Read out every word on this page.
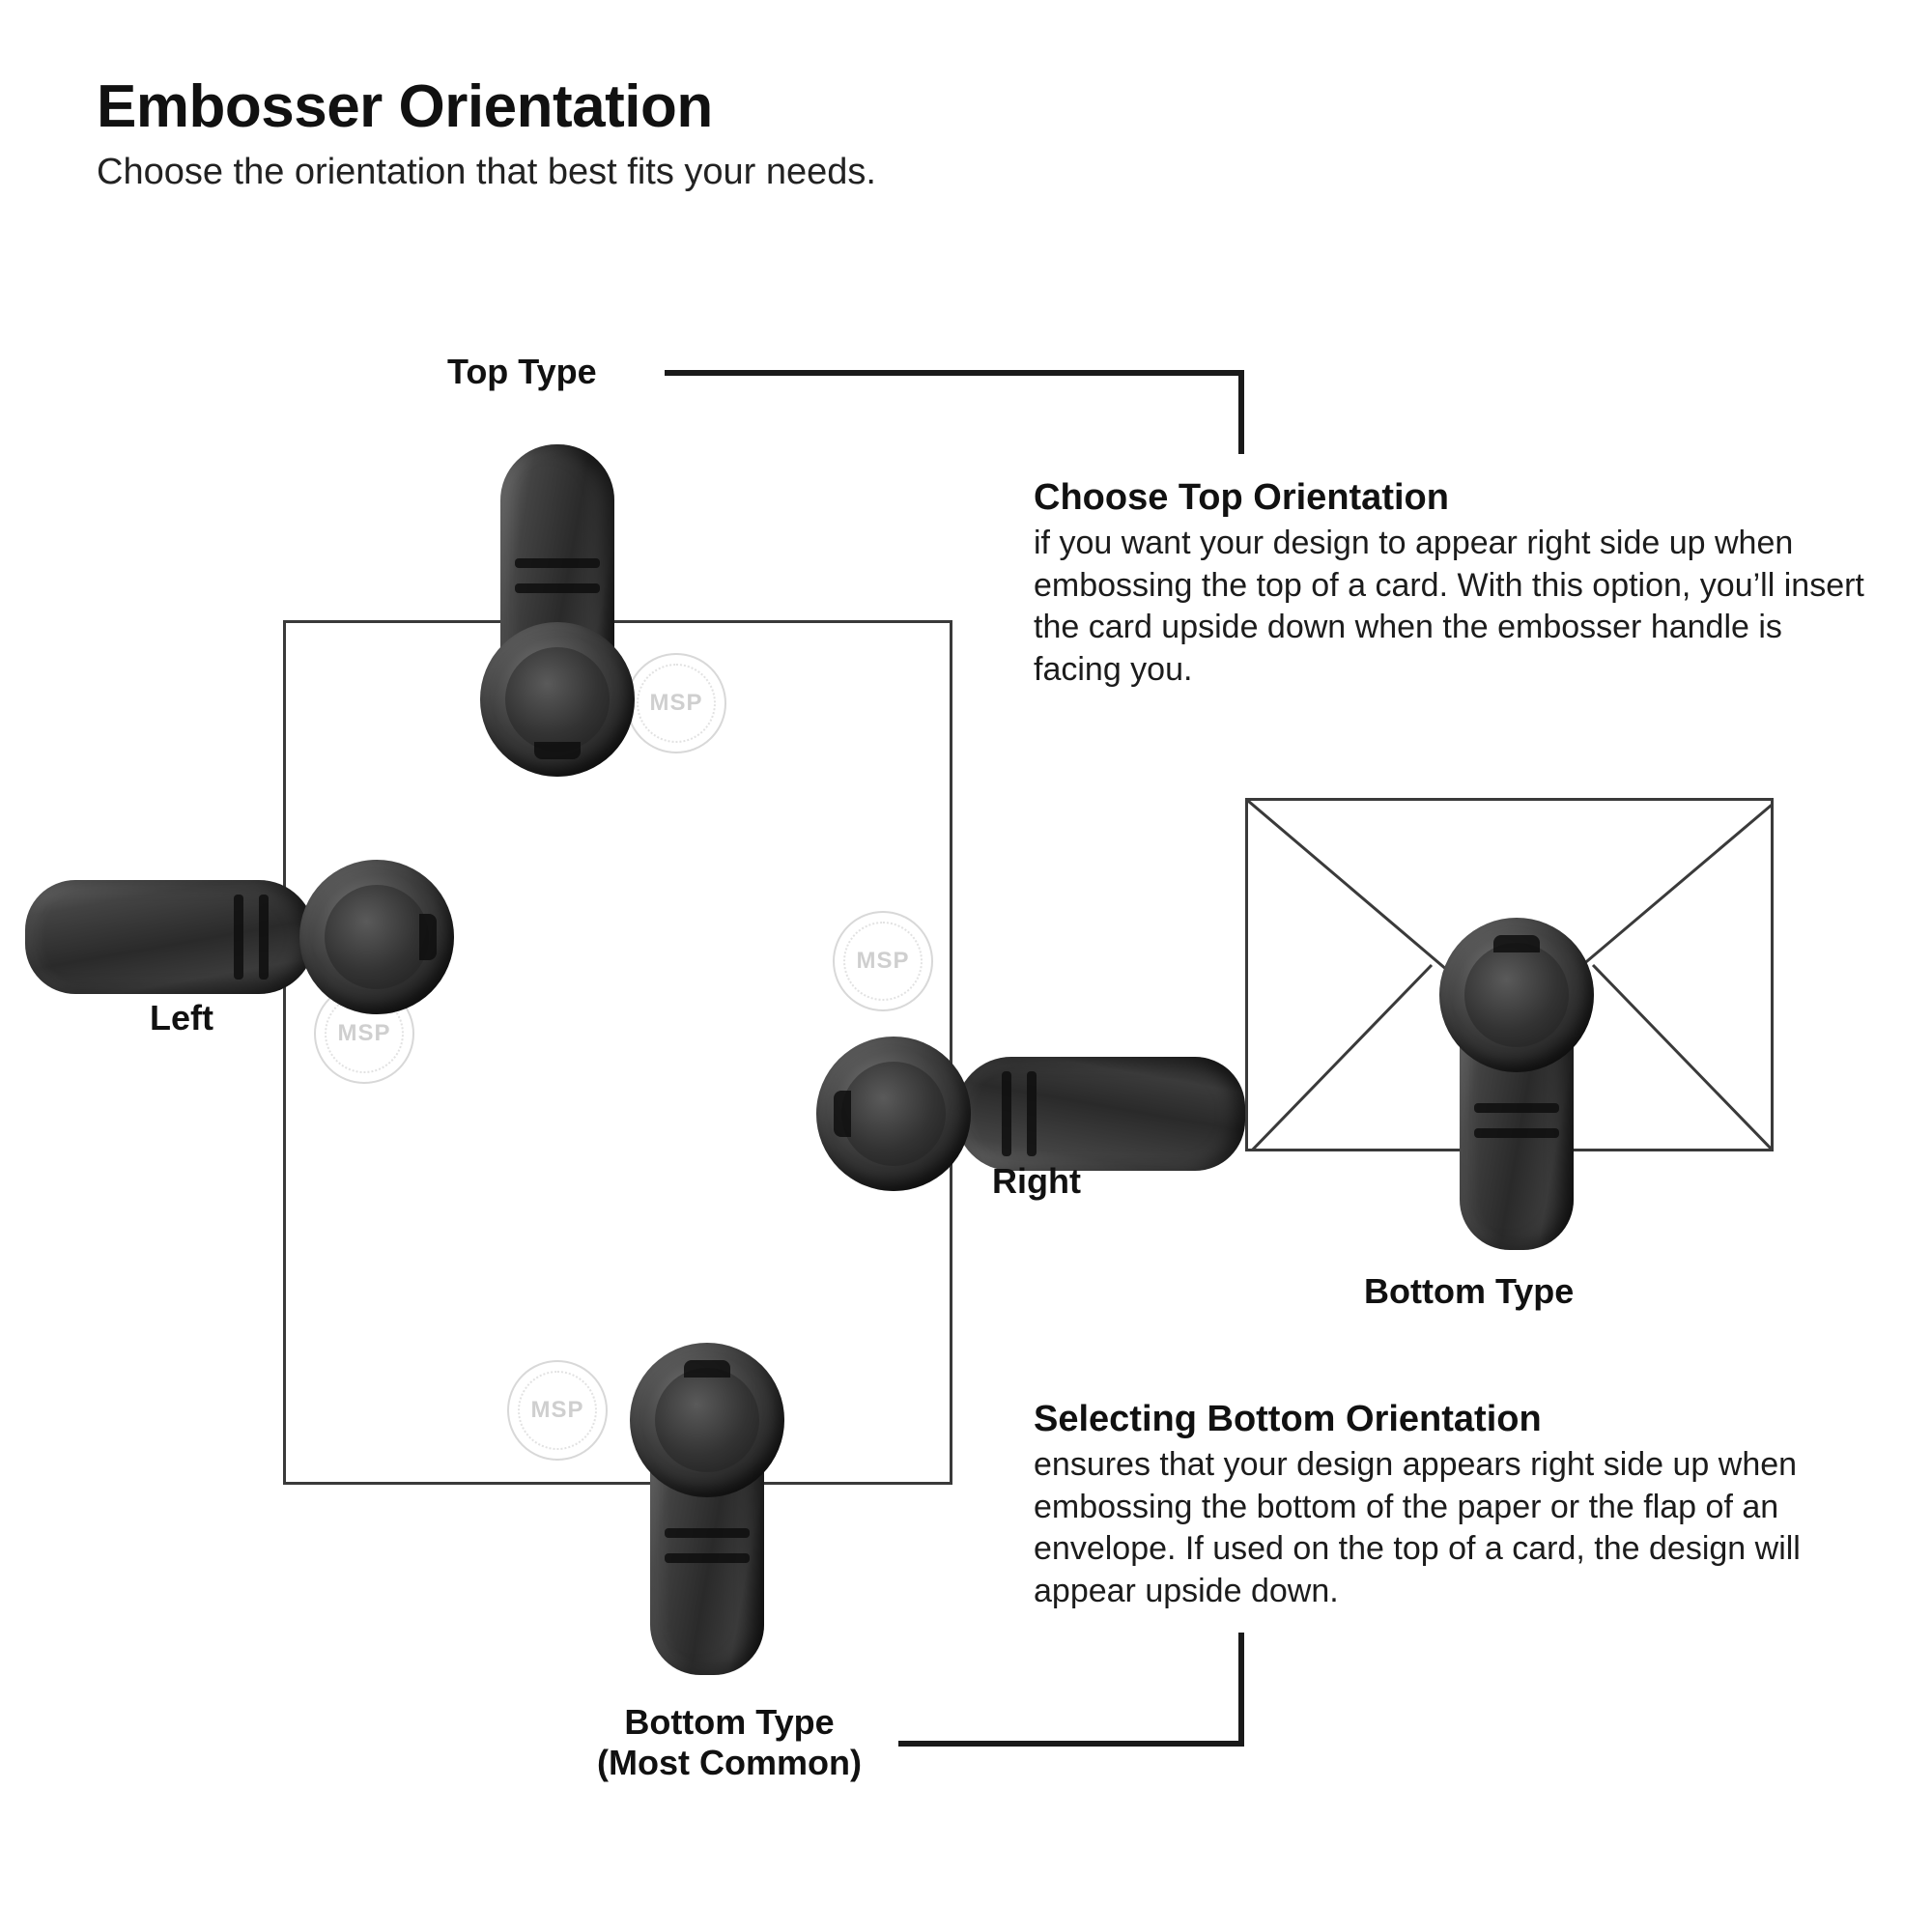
Embosser Orientation

Choose the orientation that best fits your needs.

MSP
MSP
MSP
MSP
Top Type
Left
Right
Bottom Type
Bottom Type
(Most Common)

Choose Top Orientation

if you want your design to appear right side up when embossing the top of a card. With this option, you’ll insert the card upside down when the embosser handle is facing you.

Selecting Bottom Orientation

ensures that your design appears right side up when embossing the bottom of the paper or the flap of an envelope. If used on the top of a card, the design will appear upside down.
